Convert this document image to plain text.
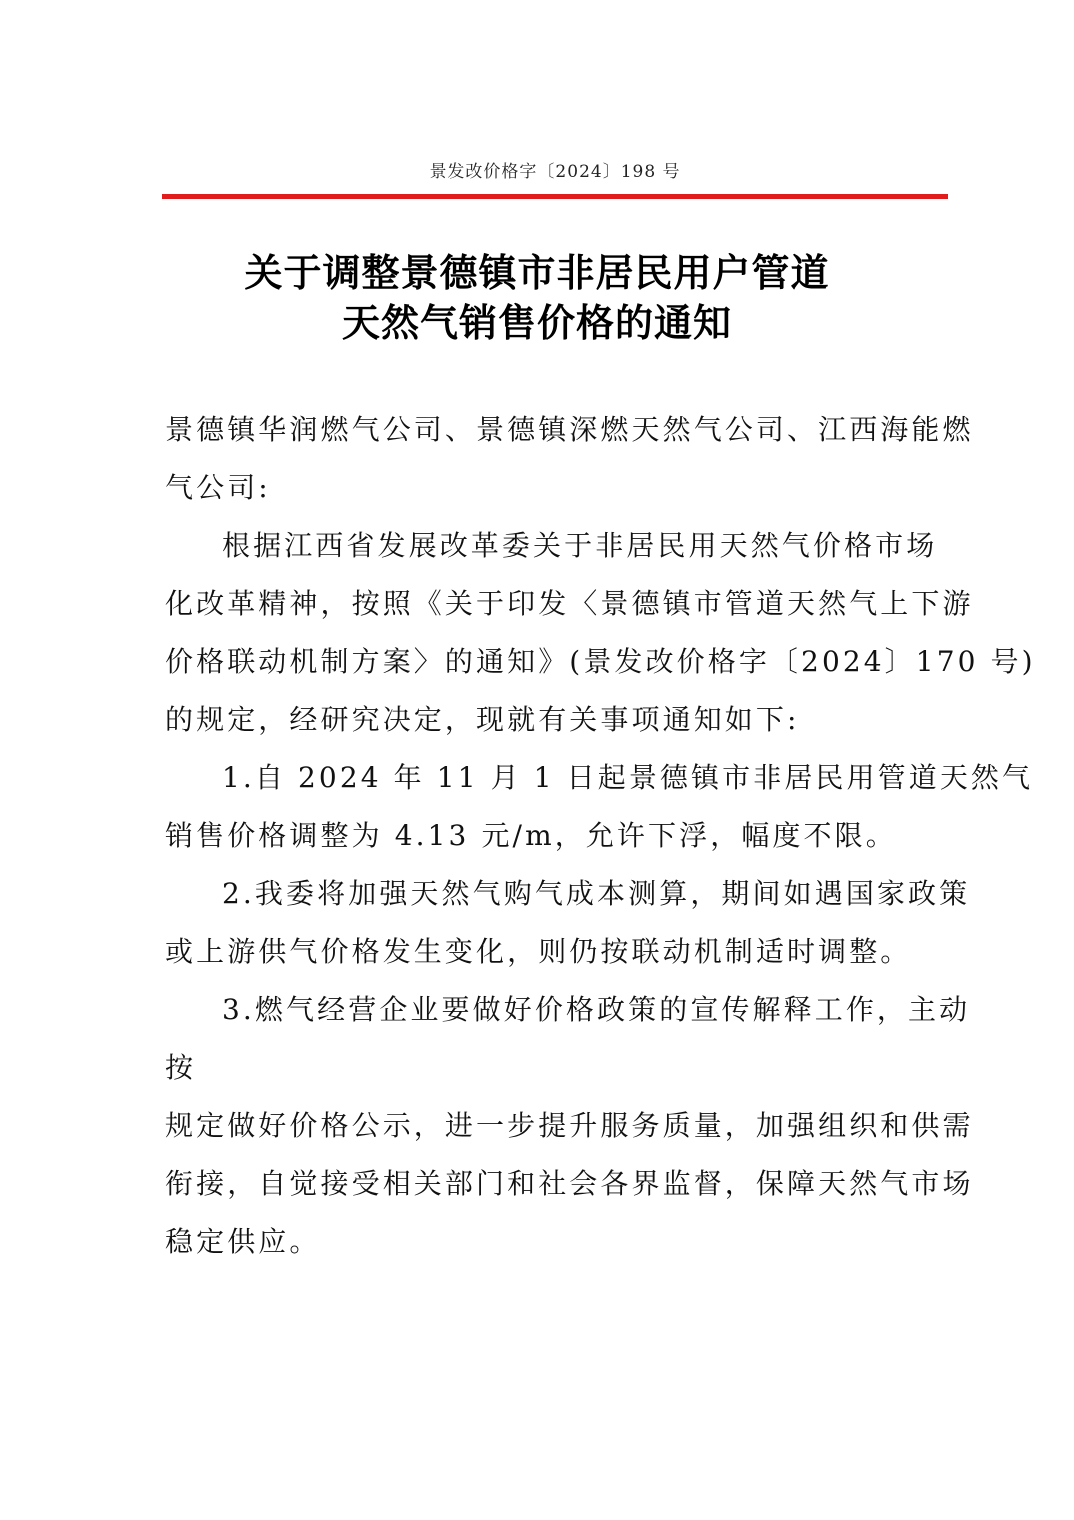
景发改价格字〔2024〕198 号
关于调整景德镇市非居民用户管道
天然气销售价格的通知
景德镇华润燃气公司、景德镇深燃天然气公司、江西海能燃
气公司:
根据江西省发展改革委关于非居民用天然气价格市场
化改革精神，按照《关于印发〈景德镇市管道天然气上下游
价格联动机制方案〉的通知》(景发改价格字〔2024〕170 号)
的规定，经研究决定，现就有关事项通知如下:
1.自 2024 年 11 月 1 日起景德镇市非居民用管道天然气
销售价格调整为 4.13 元/m，允许下浮，幅度不限。
2.我委将加强天然气购气成本测算，期间如遇国家政策
或上游供气价格发生变化，则仍按联动机制适时调整。
3.燃气经营企业要做好价格政策的宣传解释工作，主动
按
规定做好价格公示，进一步提升服务质量，加强组织和供需
衔接，自觉接受相关部门和社会各界监督，保障天然气市场
稳定供应。
